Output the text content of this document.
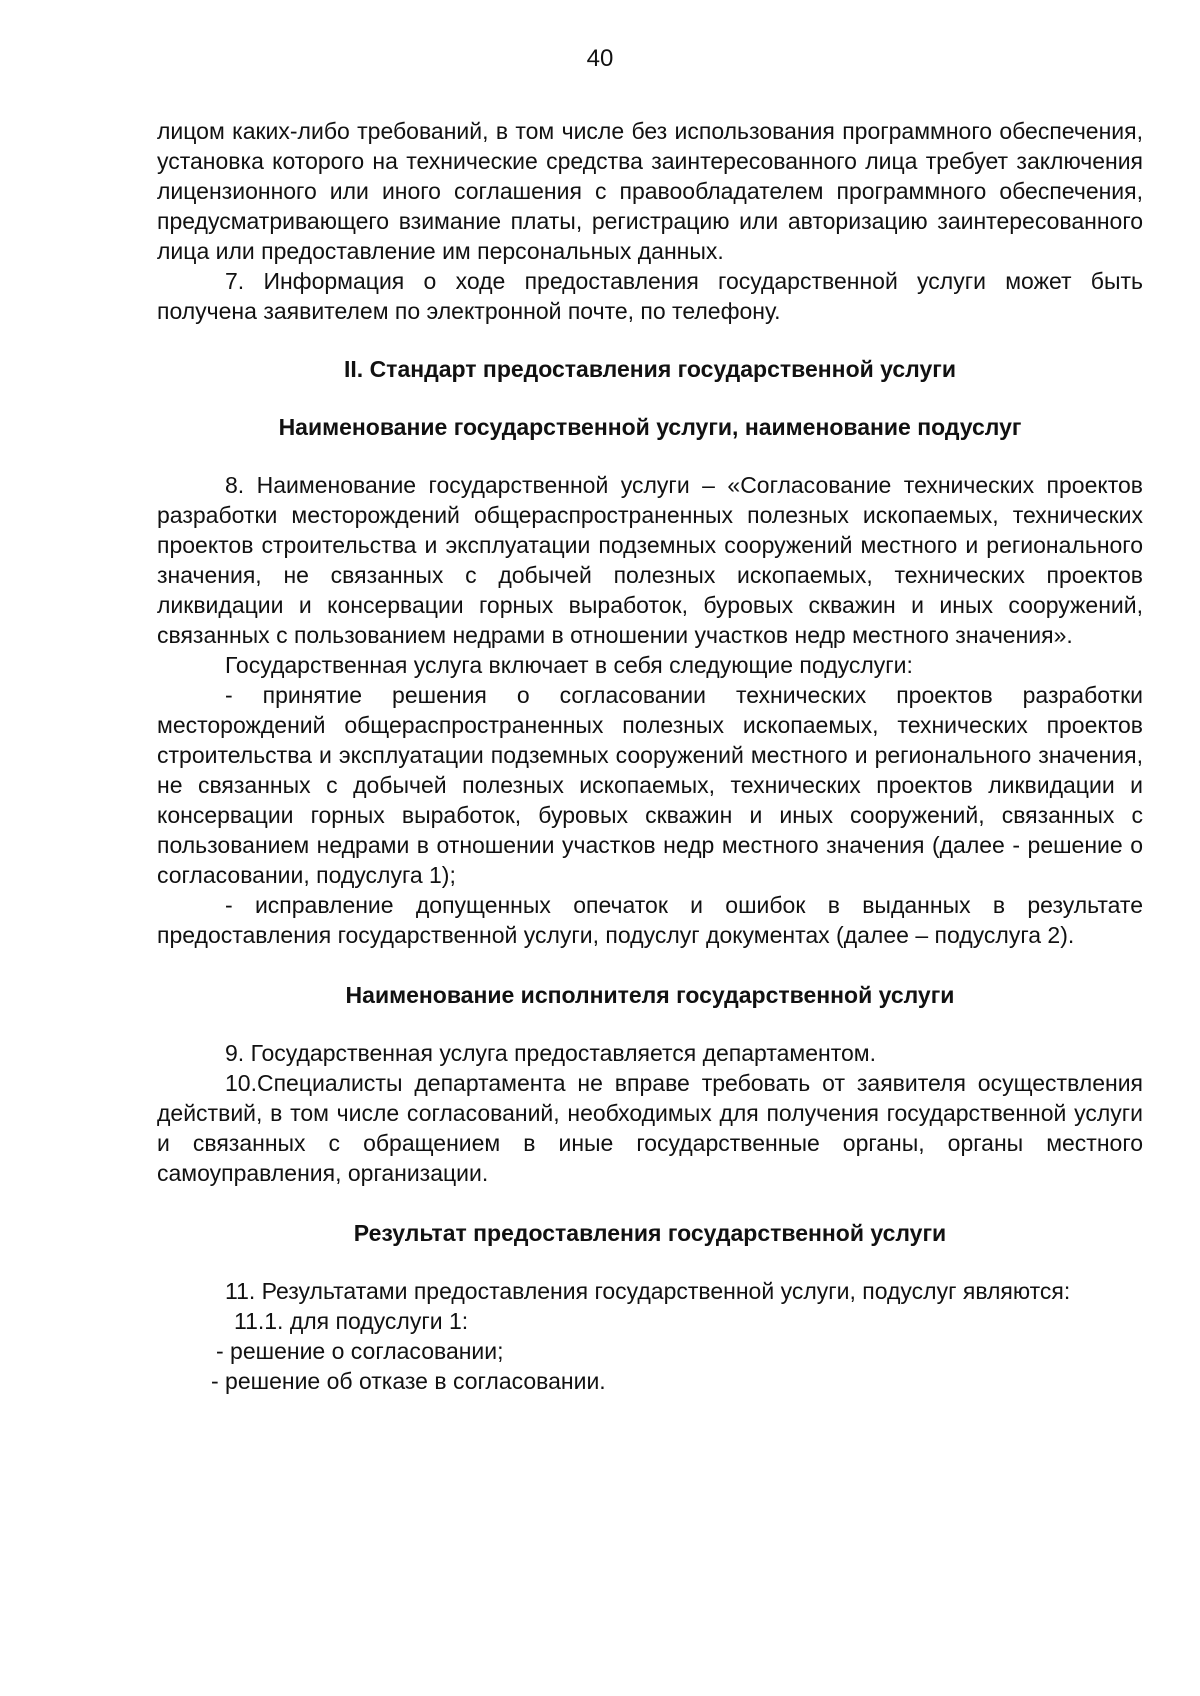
40

лицом каких-либо требований, в том числе без использования программного обеспечения, установка которого на технические средства заинтересованного лица требует заключения лицензионного или иного соглашения с правообладателем программного обеспечения, предусматривающего взимание платы, регистрацию или авторизацию заинтересованного лица или предоставление им персональных данных.

7. Информация о ходе предоставления государственной услуги может быть получена заявителем по электронной почте, по телефону.

II. Стандарт предоставления государственной услуги

Наименование государственной услуги, наименование подуслуг

8. Наименование государственной услуги – «Согласование технических проектов разработки месторождений общераспространенных полезных ископаемых, технических проектов строительства и эксплуатации подземных сооружений местного и регионального значения, не связанных с добычей полезных ископаемых, технических проектов ликвидации и консервации горных выработок, буровых скважин и иных сооружений, связанных с пользованием недрами в отношении участков недр местного значения».

Государственная услуга включает в себя следующие подуслуги:

- принятие решения о согласовании технических проектов разработки месторождений общераспространенных полезных ископаемых, технических проектов строительства и эксплуатации подземных сооружений местного и регионального значения, не связанных с добычей полезных ископаемых, технических проектов ликвидации и консервации горных выработок, буровых скважин и иных сооружений, связанных с пользованием недрами в отношении участков недр местного значения (далее - решение о согласовании, подуслуга 1);

- исправление допущенных опечаток и ошибок в выданных в результате предоставления государственной услуги, подуслуг документах (далее – подуслуга 2).

Наименование исполнителя государственной услуги

9. Государственная услуга предоставляется департаментом.

10.Специалисты департамента не вправе требовать от заявителя осуществления действий, в том числе согласований, необходимых для получения государственной услуги и связанных с обращением в иные государственные органы, органы местного самоуправления, организации.

Результат предоставления государственной услуги

11. Результатами предоставления государственной услуги, подуслуг являются:

11.1. для подуслуги 1:

- решение о согласовании;

- решение об отказе в согласовании.
